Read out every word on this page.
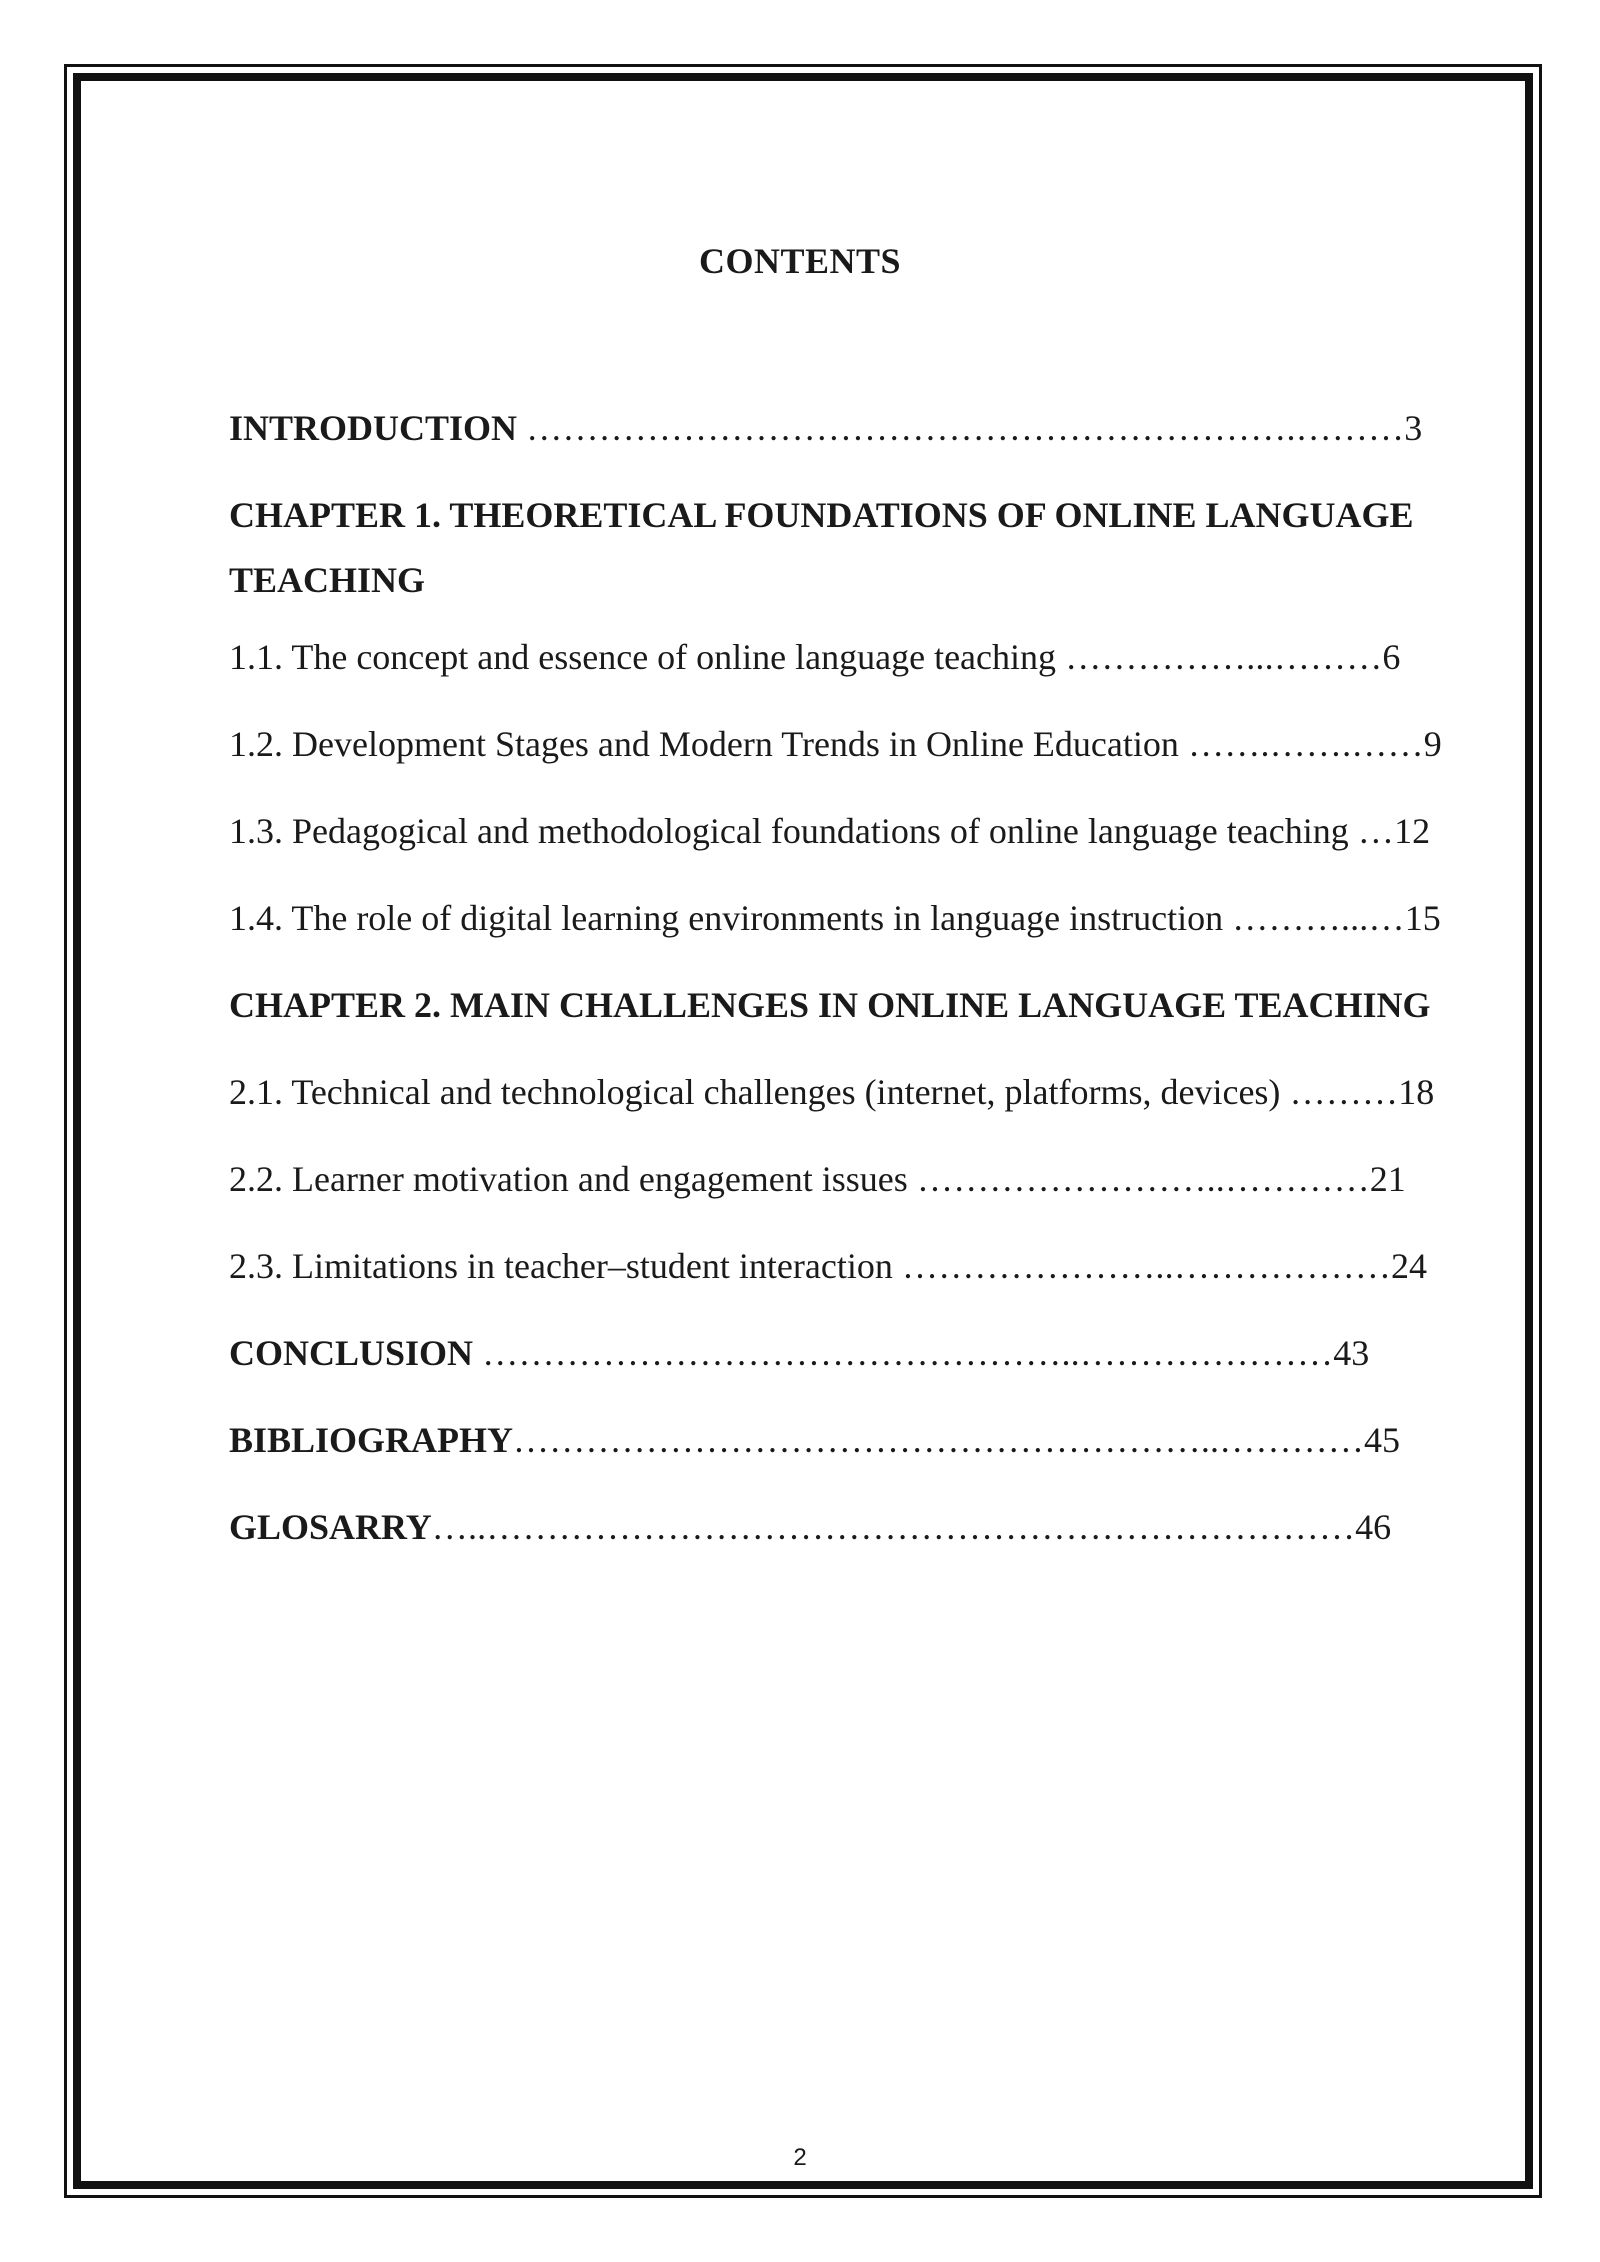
CONTENTS
INTRODUCTION ……………………………………………………….………3
CHAPTER 1. THEORETICAL FOUNDATIONS OF ONLINE LANGUAGE TEACHING
1.1. The concept and essence of online language teaching ……………...………6
1.2. Development Stages and Modern Trends in Online Education …….…….……9
1.3. Pedagogical and methodological foundations of online language teaching …12
1.4. The role of digital learning environments in language instruction ………...…15
CHAPTER 2. MAIN CHALLENGES IN ONLINE LANGUAGE TEACHING
2.1. Technical and technological challenges (internet, platforms, devices) ………18
2.2. Learner motivation and engagement issues ……………………..…………21
2.3. Limitations in teacher–student interaction …………………..………………24
CONCLUSION …………………………………………..…………………43
BIBLIOGRAPHY…………………………………………………..…………45
GLOSARRY…..………………………………………………………………46
2
